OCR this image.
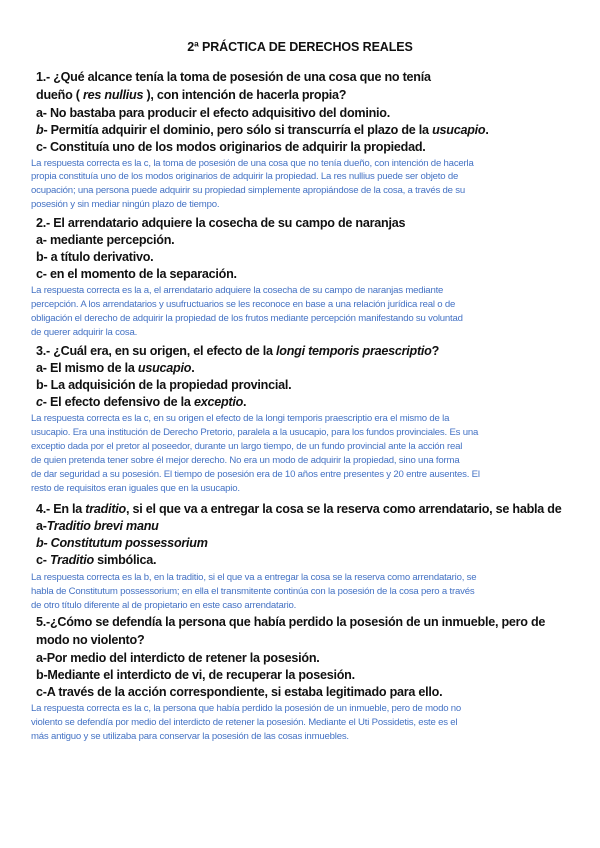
2ª PRÁCTICA DE DERECHOS REALES
1.- ¿Qué alcance tenía la toma de posesión de una cosa que no tenía
dueño ( res nullius ), con intención de hacerla propia?
a- No bastaba para producir el efecto adquisitivo del dominio.
b- Permitía adquirir el dominio, pero sólo si transcurría el plazo de la usucapio.
c- Constituía uno de los modos originarios de adquirir la propiedad.
La respuesta correcta es la c, la toma de posesión de una cosa que no tenía dueño, con intención de hacerla
propia constituía uno de los modos originarios de adquirir la propiedad. La res nullius puede ser objeto de
ocupación; una persona puede adquirir su propiedad simplemente apropiándose de la cosa, a través de su
posesión y sin mediar ningún plazo de tiempo.
2.- El arrendatario adquiere la cosecha de su campo de naranjas
a- mediante percepción.
b- a título derivativo.
c- en el momento de la separación.
La respuesta correcta es la a, el arrendatario adquiere la cosecha de su campo de naranjas mediante
percepción. A los arrendatarios y usufructuarios se les reconoce en base a una relación jurídica real o de
obligación el derecho de adquirir la propiedad de los frutos mediante percepción manifestando su voluntad
de querer adquirir la cosa.
3.- ¿Cuál era, en su origen, el efecto de la longi temporis praescriptio?
a- El mismo de la usucapio.
b- La adquisición de la propiedad provincial.
c- El efecto defensivo de la exceptio.
La respuesta correcta es la c, en su origen el efecto de la longi temporis praescriptio era el mismo de la
usucapio. Era una institución de Derecho Pretorio, paralela a la usucapio, para los fundos provinciales. Es una
exceptio dada por el pretor al poseedor, durante un largo tiempo, de un fundo provincial ante la acción real
de quien pretenda tener sobre él mejor derecho. No era un modo de adquirir la propiedad, sino una forma
de dar seguridad a su posesión. El tiempo de posesión era de 10 años entre presentes y 20 entre ausentes. El
resto de requisitos eran iguales que en la usucapio.
4.- En la traditio, si el que va a entregar la cosa se la reserva como arrendatario, se habla de
a-Traditio brevi manu
b- Constitutum possessorium
c- Traditio simbólica.
La respuesta correcta es la b, en la traditio, si el que va a entregar la cosa se la reserva como arrendatario, se
habla de Constitutum possessorium; en ella el transmitente continúa con la posesión de la cosa pero a través
de otro título diferente al de propietario en este caso arrendatario.
5.-¿Cómo se defendía la persona que había perdido la posesión de un inmueble, pero de
modo no violento?
a-Por medio del interdicto de retener la posesión.
b-Mediante el interdicto de vi, de recuperar la posesión.
c-A través de la acción correspondiente, si estaba legitimado para ello.
La respuesta correcta es la c, la persona que había perdido la posesión de un inmueble, pero de modo no
violento se defendía por medio del interdicto de retener la posesión. Mediante el Uti Possidetis, este es el
más antiguo y se utilizaba para conservar la posesión de las cosas inmuebles.
